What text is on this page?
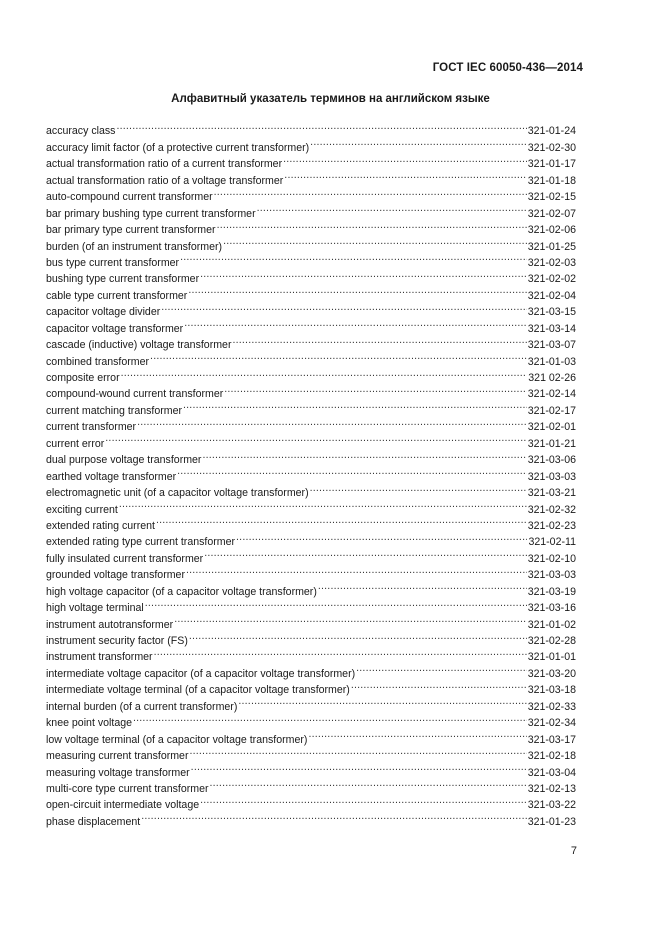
ГОСТ IEC 60050-436—2014
Алфавитный указатель терминов на английском языке
accuracy class .....	321-01-24
accuracy limit factor (of a protective current transformer) .....	321-02-30
actual transformation ratio of a current transformer .....	321-01-17
actual transformation ratio of a voltage transformer .....	321-01-18
auto-compound current transformer .....	321-02-15
bar primary bushing type current transformer .....	321-02-07
bar primary type current transformer .....	321-02-06
burden (of an instrument transformer) .....	321-01-25
bus type current transformer .....	321-02-03
bushing type current transformer .....	321-02-02
cable type current transformer .....	321-02-04
capacitor voltage divider .....	321-03-15
capacitor voltage transformer .....	321-03-14
cascade (inductive) voltage transformer .....	321-03-07
combined transformer .....	321-01-03
composite error .....	321 02-26
compound-wound current transformer .....	321-02-14
current matching transformer .....	321-02-17
current transformer .....	321-02-01
current error .....	321-01-21
dual purpose voltage transformer .....	321-03-06
earthed voltage transformer .....	321-03-03
electromagnetic unit (of a capacitor voltage transformer) .....	321-03-21
exciting current .....	321-02-32
extended rating current .....	321-02-23
extended rating type current transformer .....	321-02-11
fully insulated current transformer .....	321-02-10
grounded voltage transformer .....	321-03-03
high voltage capacitor (of a capacitor voltage transformer) .....	321-03-19
high voltage terminal .....	321-03-16
instrument autotransformer .....	321-01-02
instrument security factor (FS) .....	321-02-28
instrument transformer .....	321-01-01
intermediate voltage capacitor (of a capacitor voltage transformer) .....	321-03-20
intermediate voltage terminal (of a capacitor voltage transformer) .....	321-03-18
internal burden (of a current transformer) .....	321-02-33
knee point voltage .....	321-02-34
low voltage terminal (of a capacitor voltage transformer) .....	321-03-17
measuring current transformer .....	321-02-18
measuring voltage transformer .....	321-03-04
multi-core type current transformer .....	321-02-13
open-circuit intermediate voltage .....	321-03-22
phase displacement .....	321-01-23
7
